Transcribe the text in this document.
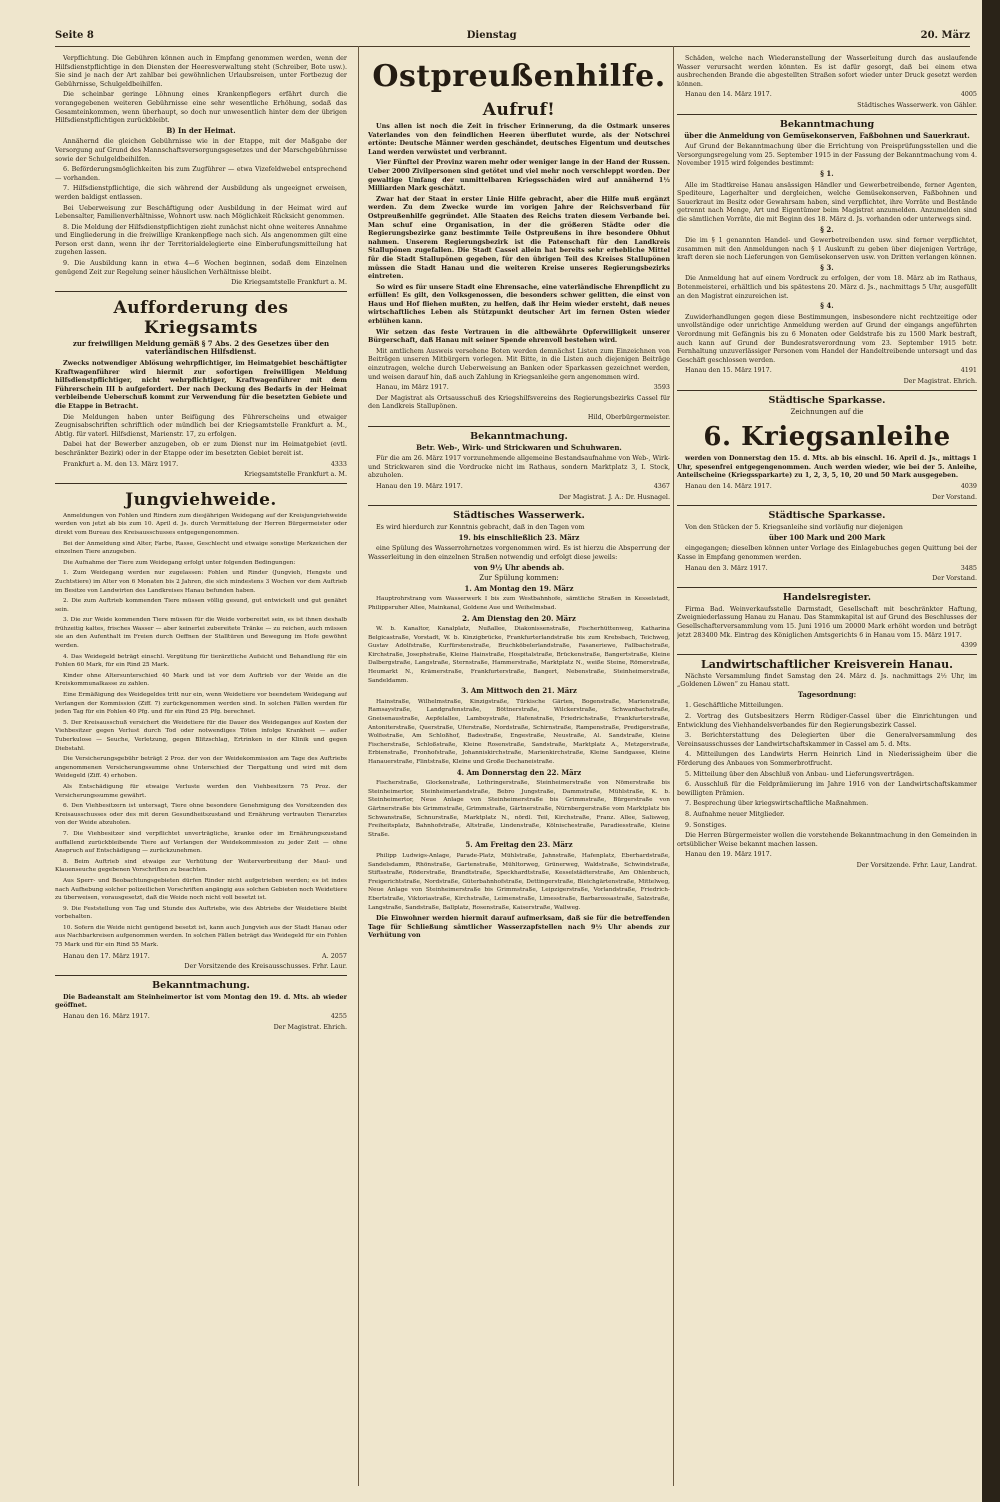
Seite 8	Dienstag	20. März

Verpflichtung. Die Gebühren können auch in Empfang genommen werden, wenn der Hilfsdienstpflichtige in den Diensten der Heeresverwaltung steht (Schreiber, Bote usw.). Sie sind je nach der Art zahlbar bei gewöhnlichen Urlaubsreisen, unter Fortbezug der Gebührnisse, Schulgeldbeihilfen.

Die scheinbar geringe Löhnung eines Krankenpflegers erfährt durch die vorangegebenen weiteren Gebührnisse eine sehr wesentliche Erhöhung, sodaß das Gesamteinkommen, wenn überhaupt, so doch nur unwesentlich hinter dem der übrigen Hilfsdienstpflichtigen zurückbleibt.

B) In der Heimat.

Annähernd die gleichen Gebührnisse wie in der Etappe, mit der Maßgabe der Versorgung auf Grund des Mannschaftsversorgungsgesetzes und der Marschgebührnisse sowie der Schulgeldbeihilfen.

6. Beförderungsmöglichkeiten bis zum Zugführer — etwa Vizefeldwebel entsprechend — vorhanden.

7. Hilfsdienstpflichtige, die sich während der Ausbildung als ungeeignet erweisen, werden baldigst entlassen.

Bei Ueberweisung zur Beschäftigung oder Ausbildung in der Heimat wird auf Lebensalter, Familienverhältnisse, Wohnort usw. nach Möglichkeit Rücksicht genommen.

8. Die Meldung der Hilfsdienstpflichtigen zieht zunächst nicht ohne weiteres Annahme und Eingliederung in die freiwillige Krankenpflege nach sich. Als angenommen gilt eine Person erst dann, wenn ihr der Territorialdelegierte eine Einberufungsmitteilung hat zugehen lassen.

9. Die Ausbildung kann in etwa 4—6 Wochen beginnen, sodaß dem Einzelnen genügend Zeit zur Regelung seiner häuslichen Verhältnisse bleibt.

Die Kriegsamtstelle Frankfurt a. M.

Aufforderung des Kriegsamts
zur freiwilligen Meldung gemäß § 7 Abs. 2 des Gesetzes über den vaterländischen Hilfsdienst.

Zwecks notwendiger Ablösung wehrpflichtiger, im Heimatgebiet beschäftigter Kraftwagenführer wird hiermit zur sofortigen freiwilligen Meldung hilfsdienstpflichtiger, nicht wehrpflichtiger, Kraftwagenführer mit dem Führerschein III b aufgefordert. Der nach Deckung des Bedarfs in der Heimat verbleibende Ueberschuß kommt zur Verwendung für die besetzten Gebiete und die Etappe in Betracht.

Die Meldungen haben unter Beifügung des Führerscheins und etwaiger Zeugnisabschriften schriftlich oder mündlich bei der Kriegsamtstelle Frankfurt a. M., Abtlg. für vaterl. Hilfsdienst, Marienstr. 17, zu erfolgen.

Dabei hat der Bewerber anzugeben, ob er zum Dienst nur im Heimatgebiet (evtl. beschränkter Bezirk) oder in der Etappe oder im besetzten Gebiet bereit ist.

Frankfurt a. M. den 13. März 1917.	4333

Kriegsamtstelle Frankfurt a. M.

Jungviehweide.

Anmeldungen von Fohlen und Rindern zum diesjährigen Weidegang auf der Kreisjungviehweide werden von jetzt ab bis zum 10. April d. Js. durch Vermittelung der Herren Bürgermeister oder direkt vom Bureau des Kreisausschusses entgegengenommen.

Bei der Anmeldung sind Alter, Farbe, Rasse, Geschlecht und etwaige sonstige Merkzeichen der einzelnen Tiere anzugeben.

Die Aufnahme der Tiere zum Weidegang erfolgt unter folgenden Bedingungen:

1. Zum Weidegang werden nur zugelassen: Fohlen und Rinder (Jungvieh, Hengste und Zuchtstiere) im Alter von 6 Monaten bis 2 Jahren, die sich mindestens 3 Wochen vor dem Auftrieb im Besitze von Landwirten des Landkreises Hanau befunden haben.

2. Die zum Auftrieb kommenden Tiere müssen völlig gesund, gut entwickelt und gut genährt sein.

3. Die zur Weide kommenden Tiere müssen für die Weide vorbereitet sein, es ist ihnen deshalb frühzeitig kaltes, frisches Wasser — aber keinerlei zubereitete Tränke — zu reichen, auch müssen sie an den Aufenthalt im Freien durch Oeffnen der Stalltüren und Bewegung im Hofe gewöhnt werden.

4. Das Weidegeld beträgt einschl. Vergütung für tierärztliche Aufsicht und Behandlung für ein Fohlen 60 Mark, für ein Rind 25 Mark.

Kinder ohne Altersunterschied 40 Mark und ist vor dem Auftrieb vor der Weide an die Kreiskommunalkasse zu zahlen.

Eine Ermäßigung des Weidegeldes tritt nur ein, wenn Weidetiere vor beendetem Weidegang auf Verlangen der Kommission (Ziff. 7) zurückgenommen werden sind. In solchen Fällen werden für jeden Tag für ein Fohlen 40 Pfg. und für ein Rind 25 Pfg. berechnet.

5. Der Kreisausschuß versichert die Weidetiere für die Dauer des Weideganges auf Kosten der Viehbesitzer gegen Verlust durch Tod oder notwendiges Töten infolge Krankheit — außer Tuberkulose — Seuche, Verletzung, gegen Blitzschlag, Ertrinken in der Klinik und gegen Diebstahl.

Die Versicherungsgebühr beträgt 2 Proz. der von der Weidekommission am Tage des Auftriebs angenommenen Versicherungssumme ohne Unterschied der Tiergattung und wird mit dem Weidegeld (Ziff. 4) erhoben.

Als Entschädigung für etwaige Verluste werden den Viehbesitzern 75 Proz. der Versicherungssumme gewährt.

6. Den Viehbesitzern ist untersagt, Tiere ohne besondere Genehmigung des Vorsitzenden des Kreisausschusses oder des mit deren Gesundheitszustand und Ernährung vertrauten Tierarztes von der Weide abzuholen.

7. Die Viehbesitzer sind verpflichtet unverträgliche, kranke oder im Ernährungszustand auffallend zurückbleibende Tiere auf Verlangen der Weidekommission zu jeder Zeit — ohne Anspruch auf Entschädigung — zurückzunehmen.

8. Beim Auftrieb sind etwaige zur Verhütung der Weiterverbreitung der Maul- und Klauenseuche gegebenen Vorschriften zu beachten.

Aus Sperr- und Beobachtungsgebieten dürfen Rinder nicht aufgetrieben werden; es ist indes nach Aufhebung solcher polizeilichen Vorschriften angängig aus solchen Gebieten noch Weidetiere zu überweisen, vorausgesetzt, daß die Weide noch nicht voll besetzt ist.

9. Die Feststellung von Tag und Stunde des Auftriebs, wie des Abtriebs der Weidetiere bleibt vorbehalten.

10. Sofern die Weide nicht genügend besetzt ist, kann auch Jungvieh aus der Stadt Hanau oder aus Nachbarkreisen aufgenommen werden. In solchen Fällen beträgt das Weidegeld für ein Fohlen 75 Mark und für ein Rind 55 Mark.

Hanau den 17. März 1917.	A. 2057

Der Vorsitzende des Kreisausschusses. Frhr. Laur.

Bekanntmachung.

Die Badeanstalt am Steinheimertor ist vom Montag den 19. d. Mts. ab wieder geöffnet.

Hanau den 16. März 1917.	4255

Der Magistrat. Ehrich.

Ostpreußenhilfe.
Aufruf!

Uns allen ist noch die Zeit in frischer Erinnerung, da die Ostmark unseres Vaterlandes von den feindlichen Heeren überflutet wurde, als der Notschrei ertönte: Deutsche Männer werden geschändet, deutsches Eigentum und deutsches Land werden verwüstet und verbrannt.

Vier Fünftel der Provinz waren mehr oder weniger lange in der Hand der Russen. Ueber 2000 Zivilpersonen sind getötet und viel mehr noch verschleppt worden. Der gewaltige Umfang der unmittelbaren Kriegsschäden wird auf annähernd 1½ Milliarden Mark geschätzt.

Zwar hat der Staat in erster Linie Hilfe gebracht, aber die Hilfe muß ergänzt werden. Zu dem Zwecke wurde im vorigen Jahre der Reichsverband für Ostpreußenhilfe gegründet. Alle Staaten des Reichs traten diesem Verbande bei. Man schuf eine Organisation, in der die größeren Städte oder die Regierungsbezirke ganz bestimmte Teile Ostpreußens in ihre besondere Obhut nahmen. Unserem Regierungsbezirk ist die Patenschaft für den Landkreis Stallupönen zugefallen. Die Stadt Cassel allein hat bereits sehr erhebliche Mittel für die Stadt Stallupönen gegeben, für den übrigen Teil des Kreises Stallupönen müssen die Stadt Hanau und die weiteren Kreise unseres Regierungsbezirks eintreten.

So wird es für unsere Stadt eine Ehrensache, eine vaterländische Ehrenpflicht zu erfüllen! Es gilt, den Volksgenossen, die besonders schwer gelitten, die einst von Haus und Hof fliehen mußten, zu helfen, daß ihr Heim wieder ersteht, daß neues wirtschaftliches Leben als Stützpunkt deutscher Art im fernen Osten wieder erblühen kann.

Wir setzen das feste Vertrauen in die altbewährte Opferwilligkeit unserer Bürgerschaft, daß Hanau mit seiner Spende ehrenvoll bestehen wird.

Mit amtlichem Ausweis versehene Boten werden demnächst Listen zum Einzeichnen von Beiträgen unseren Mitbürgern vorlegen. Mit Bitte, in die Listen auch diejenigen Beiträge einzutragen, welche durch Ueberweisung an Banken oder Sparkassen gezeichnet werden, und weisen darauf hin, daß auch Zahlung in Kriegsanleihe gern angenommen wird.

Hanau, im März 1917.	3593

Der Magistrat als Ortsausschuß des Kriegshilfsvereins des Regierungsbezirks Cassel für den Landkreis Stallupönen.

Hild, Oberbürgermeister.

Bekanntmachung.
Betr. Web-, Wirk- und Strickwaren und Schuhwaren.

Für die am 26. März 1917 vorzunehmende allgemeine Bestandsaufnahme von Web-, Wirk- und Strickwaren sind die Vordrucke nicht im Rathaus, sondern Marktplatz 3, I. Stock, abzuholen.

Hanau den 19. März 1917.	4367

Der Magistrat. J. A.: Dr. Husnagel.

Städtisches Wasserwerk.

Es wird hierdurch zur Kenntnis gebracht, daß in den Tagen vom

19. bis einschließlich 23. März

eine Spülung des Wasserrohrnetzes vorgenommen wird. Es ist hierzu die Absperrung der Wasserleitung in den einzelnen Straßen notwendig und erfolgt diese jeweils:

von 9½ Uhr abends ab.
Zur Spülung kommen:
1. Am Montag den 19. März

Hauptrohrstrang vom Wasserwerk I bis zum Westbahnhofe, sämtliche Straßen in Kesselstadt, Philippsruher Allee, Mainkanal, Goldene Aue und Weihelmsbad.

2. Am Dienstag den 20. März

W. b. Kanaltor, Kanalplatz, Nußallee, Diakonissenstraße, Fischerhüttenweg, Katharina Belgicastraße, Vorstadt, W. b. Kinzigbrücke, Frankfurterlandstraße bis zum Krebsbach, Teichweg, Gustav Adolfstraße, Kurfürstenstraße, Bruchköbelerlandstraße, Fasaneriewe, Fallbachstraße, Kirchstraße, Josephstraße, Kleine Hainstraße, Hospitalstraße, Brückenstraße, Bangertstraße, Kleine Dalbergstraße, Langstraße, Sternstraße, Hammerstraße, Marktplatz N., weiße Steine, Römerstraße, Heumarkt N., Krämerstraße, Frankfurterstraße, Bangert, Nebenstraße, Steinheimerstraße, Sandeldamm.

3. Am Mittwoch den 21. März

Hainstraße, Wilhelmstraße, Kinzigstraße, Türkische Gärten, Bogenstraße, Marienstraße, Ramsaystraße, Landgrafenstraße, Böttnerstraße, Wilckerstraße, Schwanbachstraße, Gneisenaustraße, Aepfelallee, Lamboystraße, Hafenstraße, Friedrichstraße, Frankfurterstraße, Antoniterstraße, Querstraße, Uferstraße, Nordstraße, Schirnstraße, Rampenstraße, Predigerstraße, Wolfsstraße, Am Schloßhof, Badestraße, Engestraße, Neustraße, Al. Sandstraße, Kleine Fischerstraße, Schloßstraße, Kleine Rosenstraße, Sandstraße, Marktplatz A., Metzgerstraße, Erbienstraße, Fronhofstraße, Johanniskirchstraße, Marienkirchstraße, Kleine Sandgasse, Kleine Hanauerstraße, Flintstraße, Kleine und Große Dechaneistraße.

4. Am Donnerstag den 22. März

Fischerstraße, Glockenstraße, Lothringerstraße, Steinheimerstraße von Nömerstraße bis Steinheimertor, Steinheimerlandstraße, Bebro Jungstraße, Dammstraße, Mühlstraße, K. b. Steinheimertor, Neue Anlage von Steinheimerstraße bis Grimmstraße, Bürgerstraße von Gärtnerstraße bis Grimmstraße, Grimmstraße, Gärtnerstraße, Nürnbergerstraße vom Marktplatz bis Schwanstraße, Schnurstraße, Marktplatz N., nördl. Teil, Kirchstraße, Franz. Allee, Salisweg, Freiheitsplatz, Bahnhofstraße, Altstraße, Lindenstraße, Kölnischestraße, Paradiesstraße, Kleine Straße.

5. Am Freitag den 23. März

Philipp Ludwigs-Anlage, Parade-Platz, Mühlstraße, Jahnstraße, Hafenplatz, Eberhardstraße, Sandelsdamm, Rhönstraße, Gartenstraße, Mühltorweg, Grünerweg, Waldstraße, Schwindstraße, Stiftsstraße, Röderstraße, Brandtstraße, Speckhardtstraße, Kesselstädterstraße, Am Ohlenbruch, Freigerichtstraße, Nordstraße, Güterbahnhofstraße, Dettingerstraße, Bleichgärtenstraße, Mittelweg, Neue Anlage von Steinheimerstraße bis Grimmstraße, Leipzigerstraße, Vorlandstraße, Friedrich-Ebertstraße, Viktoriastraße, Kirchstraße, Leimenstraße, Limesstraße, Barbarossastraße, Salzstraße, Langstraße, Sandstraße, Ballplatz, Rosenstraße, Kaiserstraße, Wallweg.

Die Einwohner werden hiermit darauf aufmerksam, daß sie für die betreffenden Tage für Schließung sämtlicher Wasserzapfstellen nach 9½ Uhr abends zur Verhütung von

Schäden, welche nach Wiederanstellung der Wasserleitung durch das auslaufende Wasser verursacht werden könnten. Es ist dafür gesorgt, daß bei einem etwa ausbrechenden Brande die abgestellten Straßen sofort wieder unter Druck gesetzt werden können.

Hanau den 14. März 1917.	4005

Städtisches Wasserwerk. von Gähler.

Bekanntmachung
über die Anmeldung von Gemüsekonserven, Faßbohnen und Sauerkraut.

Auf Grund der Bekanntmachung über die Errichtung von Preisprüfungsstellen und die Versorgungsregelung vom 25. September 1915 in der Fassung der Bekanntmachung vom 4. November 1915 wird folgendes bestimmt:

§ 1.

Alle im Stadtkreise Hanau ansässigen Händler und Gewerbetreibende, ferner Agenten, Spediteure, Lagerhalter und dergleichen, welche Gemüsekonserven, Faßbohnen und Sauerkraut im Besitz oder Gewahrsam haben, sind verpflichtet, ihre Vorräte und Bestände getrennt nach Menge, Art und Eigentümer beim Magistrat anzumelden. Anzumelden sind die sämtlichen Vorräte, die mit Beginn des 18. März d. Js. vorhanden oder unterwegs sind.

§ 2.

Die im § 1 genannten Handel- und Gewerbetreibenden usw. sind ferner verpflichtet, zusammen mit den Anmeldungen nach § 1 Auskunft zu geben über diejenigen Verträge, kraft deren sie noch Lieferungen von Gemüsekonserven usw. von Dritten verlangen können.

§ 3.

Die Anmeldung hat auf einem Vordruck zu erfolgen, der vom 18. März ab im Rathaus, Botenmeisterei, erhältlich und bis spätestens 20. März d. Js., nachmittags 5 Uhr, ausgefüllt an den Magistrat einzureichen ist.

§ 4.

Zuwiderhandlungen gegen diese Bestimmungen, insbesondere nicht rechtzeitige oder unvollständige oder unrichtige Anmeldung werden auf Grund der eingangs angeführten Verordnung mit Gefängnis bis zu 6 Monaten oder Geldstrafe bis zu 1500 Mark bestraft, auch kann auf Grund der Bundesratsverordnung vom 23. September 1915 betr. Fernhaltung unzuverlässiger Personen vom Handel der Handeltreibende untersagt und das Geschäft geschlossen werden.

Hanau den 15. März 1917.	4191

Der Magistrat. Ehrich.

Städtische Sparkasse.
Zeichnungen auf die
6. Kriegsanleihe

werden von Donnerstag den 15. d. Mts. ab bis einschl. 16. April d. Js., mittags 1 Uhr, spesenfrei entgegengenommen. Auch werden wieder, wie bei der 5. Anleihe, Anteilscheine (Kriegssparkarte) zu 1, 2, 3, 5, 10, 20 und 50 Mark ausgegeben.

Hanau den 14. März 1917.	4039

Der Vorstand.

Städtische Sparkasse.

Von den Stücken der 5. Kriegsanleihe sind vorläufig nur diejenigen

über 100 Mark und 200 Mark

eingegangen; dieselben können unter Vorlage des Einlagebuches gegen Quittung bei der Kasse in Empfang genommen werden.

Hanau den 3. März 1917.	3485

Der Vorstand.

Handelsregister.

Firma Bad. Weinverkaufsstelle Darmstadt, Gesellschaft mit beschränkter Haftung, Zweigniederlassung Hanau zu Hanau. Das Stammkapital ist auf Grund des Beschlusses der Gesellschafterversammlung vom 15. Juni 1916 um 20000 Mark erhöht worden und beträgt jetzt 283400 Mk. Eintrag des Königlichen Amtsgerichts 6 in Hanau vom 15. März 1917.

4399

Landwirtschaftlicher Kreisverein Hanau.

Nächste Versammlung findet Samstag den 24. März d. Js. nachmittags 2½ Uhr, im „Goldenen Löwen“ zu Hanau statt.

Tagesordnung:

1. Geschäftliche Mitteilungen.

2. Vortrag des Gutsbesitzers Herrn Rüdiger-Cassel über die Einrichtungen und Entwicklung des Viehhandelsverbandes für den Regierungsbezirk Cassel.

3. Berichterstattung des Delegierten über die Generalversammlung des Vereinsausschusses der Landwirtschaftskammer in Cassel am 5. d. Mts.

4. Mitteilungen des Landwirts Herrn Heinrich Lind in Niederissigheim über die Förderung des Anbaues von Sommerbrotfrucht.

5. Mitteilung über den Abschluß von Anbau- und Lieferungsverträgen.

6. Ausschluß für die Feldprämiierung im Jahre 1916 von der Landwirtschaftskammer bewilligten Prämien.

7. Besprechung über kriegswirtschaftliche Maßnahmen.

8. Aufnahme neuer Mitglieder.

9. Sonstiges.

Die Herren Bürgermeister wollen die vorstehende Bekanntmachung in den Gemeinden in ortsüblicher Weise bekannt machen lassen.

Hanau den 19. März 1917.

Der Vorsitzende. Frhr. Laur, Landrat.
